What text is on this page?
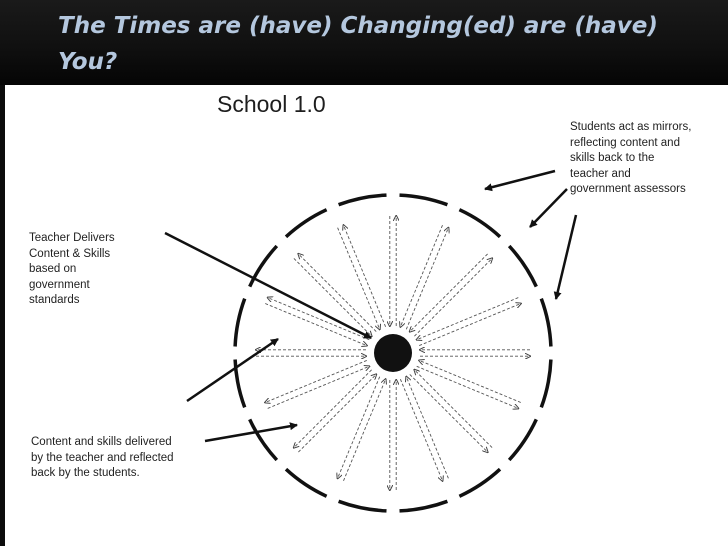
The Times are (have) Changing(ed) are (have) You?
School 1.0
Students act as mirrors,
reflecting content and
skills back to the
teacher and
government assessors
Teacher Delivers
Content & Skills
based on
government
standards
Content and skills delivered
by the teacher and reflected
back by the students.
